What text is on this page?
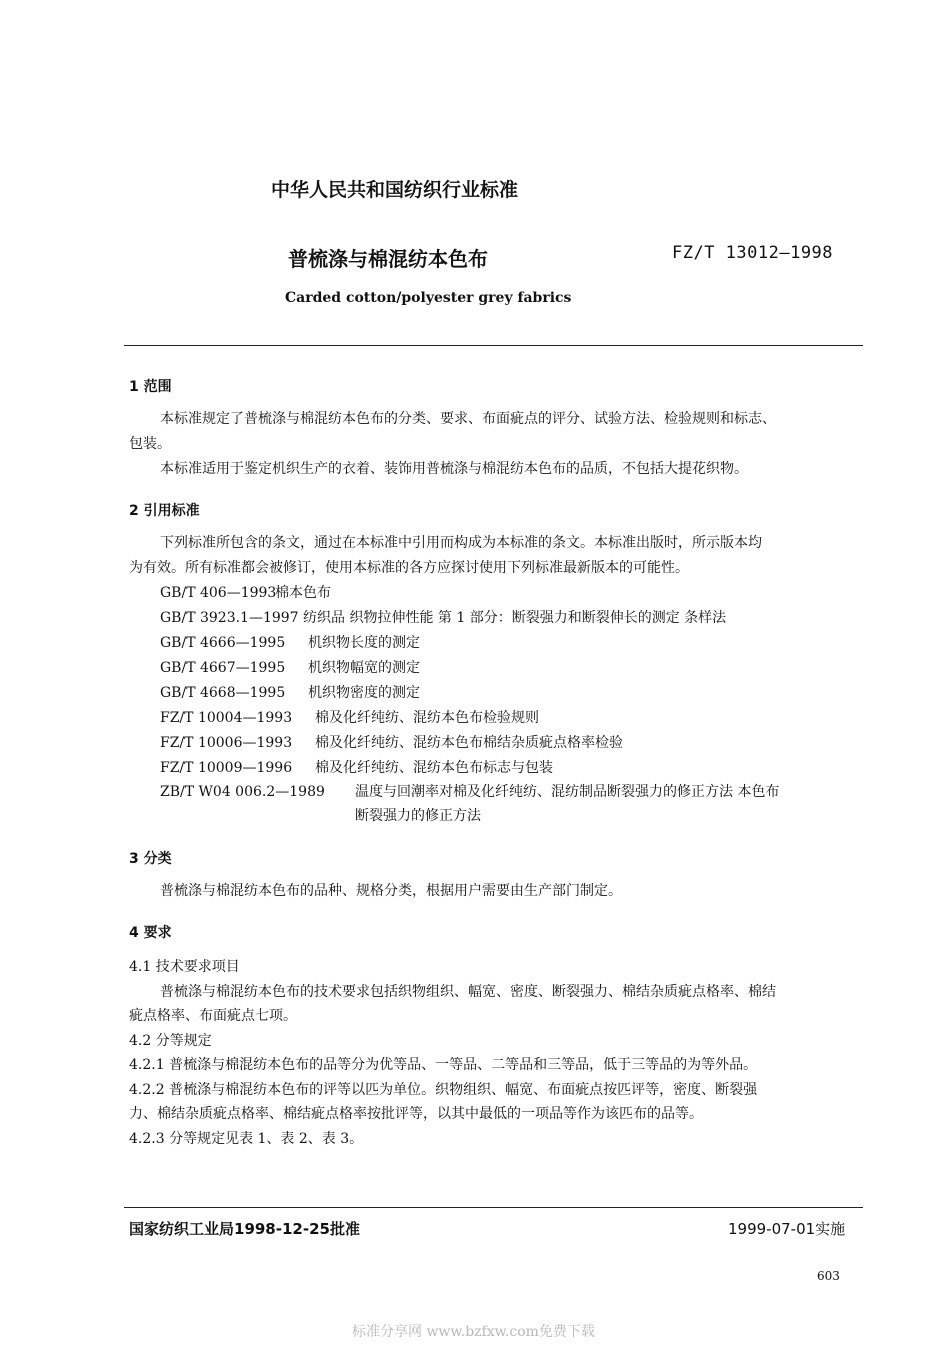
中华人民共和国纺织行业标准
普梳涤与棉混纺本色布	FZ/T 13012—1998
Carded cotton/polyester grey fabrics
1 范围
本标准规定了普梳涤与棉混纺本色布的分类、要求、布面疵点的评分、试验方法、检验规则和标志、
包装。
本标准适用于鉴定机织生产的衣着、装饰用普梳涤与棉混纺本色布的品质，不包括大提花织物。
2 引用标准
下列标准所包含的条文，通过在本标准中引用而构成为本标准的条文。本标准出版时，所示版本均
为有效。所有标准都会被修订，使用本标准的各方应探讨使用下列标准最新版本的可能性。
GB/T 406—1993棉本色布
GB/T 3923.1—1997 纺织品 织物拉伸性能 第 1 部分：断裂强力和断裂伸长的测定 条样法
GB/T 4666—1995 机织物长度的测定
GB/T 4667—1995 机织物幅宽的测定
GB/T 4668—1995 机织物密度的测定
FZ/T 10004—1993 棉及化纤纯纺、混纺本色布检验规则
FZ/T 10006—1993 棉及化纤纯纺、混纺本色布棉结杂质疵点格率检验
FZ/T 10009—1996 棉及化纤纯纺、混纺本色布标志与包装
ZB/T W04 006.2—1989 温度与回潮率对棉及化纤纯纺、混纺制品断裂强力的修正方法 本色布
断裂强力的修正方法
3 分类
普梳涤与棉混纺本色布的品种、规格分类，根据用户需要由生产部门制定。
4 要求
4.1 技术要求项目
普梳涤与棉混纺本色布的技术要求包括织物组织、幅宽、密度、断裂强力、棉结杂质疵点格率、棉结
疵点格率、布面疵点七项。
4.2 分等规定
4.2.1 普梳涤与棉混纺本色布的品等分为优等品、一等品、二等品和三等品，低于三等品的为等外品。
4.2.2 普梳涤与棉混纺本色布的评等以匹为单位。织物组织、幅宽、布面疵点按匹评等，密度、断裂强
力、棉结杂质疵点格率、棉结疵点格率按批评等，以其中最低的一项品等作为该匹布的品等。
4.2.3 分等规定见表 1、表 2、表 3。
国家纺织工业局1998-12-25批准	1999-07-01实施
603
标准分享网 www.bzfxw.com免费下载
